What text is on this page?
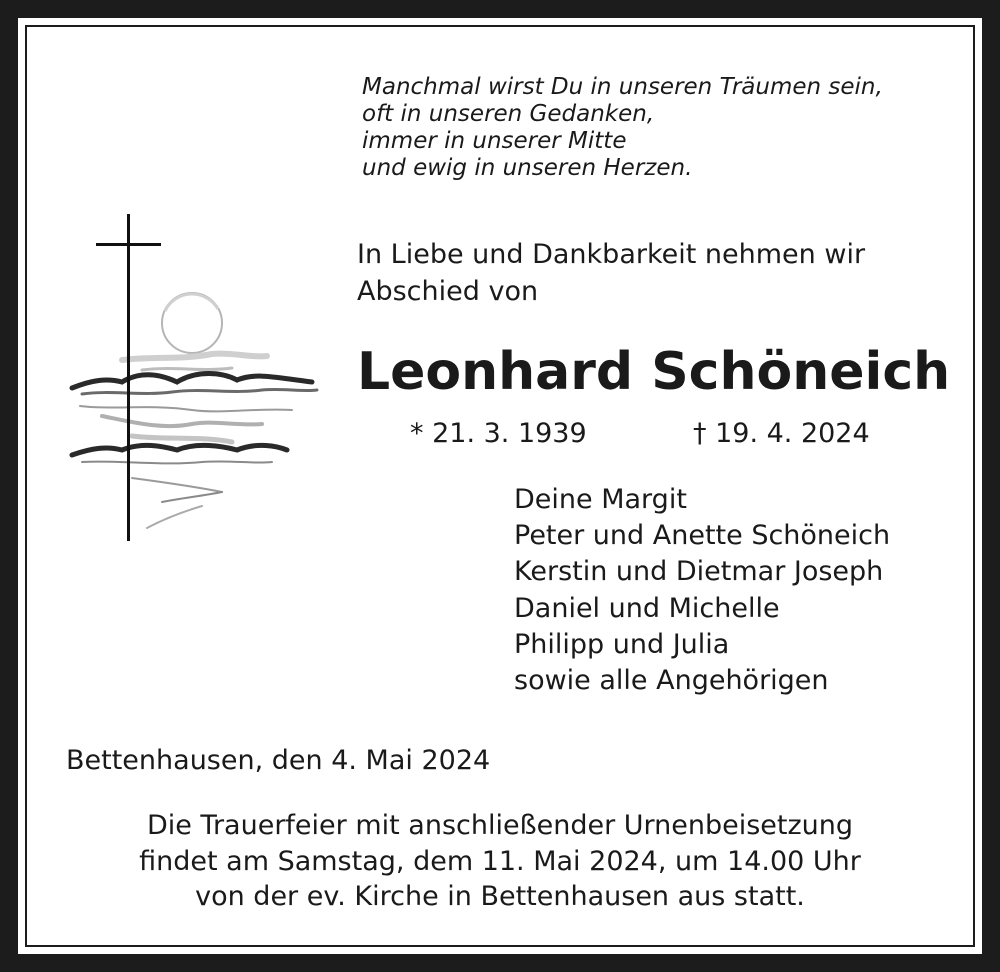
Manchmal wirst Du in unseren Träumen sein,
oft in unseren Gedanken,
immer in unserer Mitte
und ewig in unseren Herzen.
In Liebe und Dankbarkeit nehmen wir
Abschied von
Leonhard Schöneich
* 21. 3. 1939	† 19. 4. 2024
Deine Margit
Peter und Anette Schöneich
Kerstin und Dietmar Joseph
Daniel und Michelle
Philipp und Julia
sowie alle Angehörigen
Bettenhausen, den 4. Mai 2024
Die Trauerfeier mit anschließender Urnenbeisetzung
findet am Samstag, dem 11. Mai 2024, um 14.00 Uhr
von der ev. Kirche in Bettenhausen aus statt.
